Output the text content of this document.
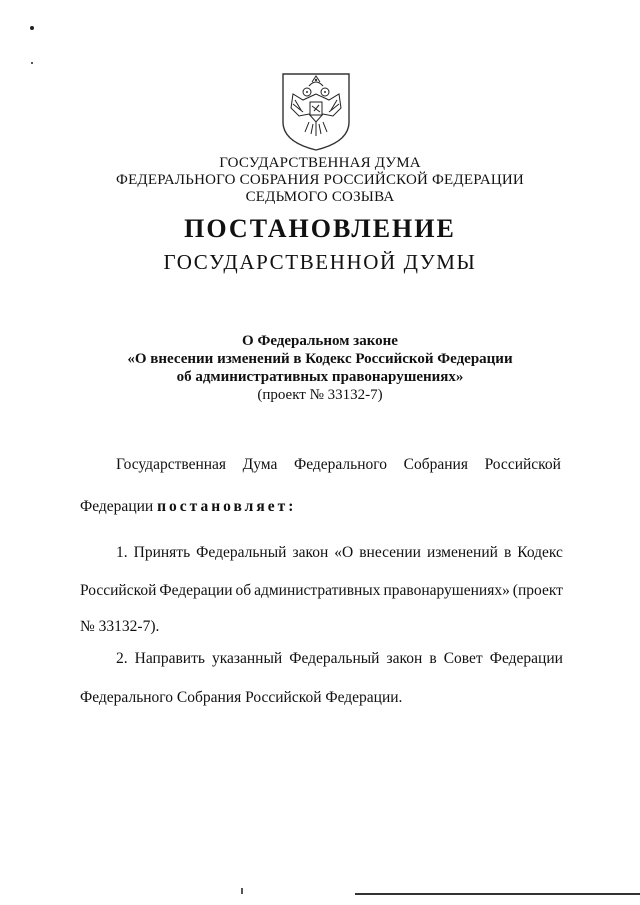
ГОСУДАРСТВЕННАЯ ДУМА
ФЕДЕРАЛЬНОГО СОБРАНИЯ РОССИЙСКОЙ ФЕДЕРАЦИИ
СЕДЬМОГО СОЗЫВА
ПОСТАНОВЛЕНИЕ
ГОСУДАРСТВЕННОЙ ДУМЫ
О Федеральном законе
«О внесении изменений в Кодекс Российской Федерации
об административных правонарушениях»
(проект № 33132-7)
Государственная Дума Федерального Собрания Российской
Федерации постановляет:
1. Принять Федеральный закон «О внесении изменений в Кодекс
Российской Федерации об административных правонарушениях» (проект
№ 33132-7).
2. Направить указанный Федеральный закон в Совет Федерации
Федерального Собрания Российской Федерации.
